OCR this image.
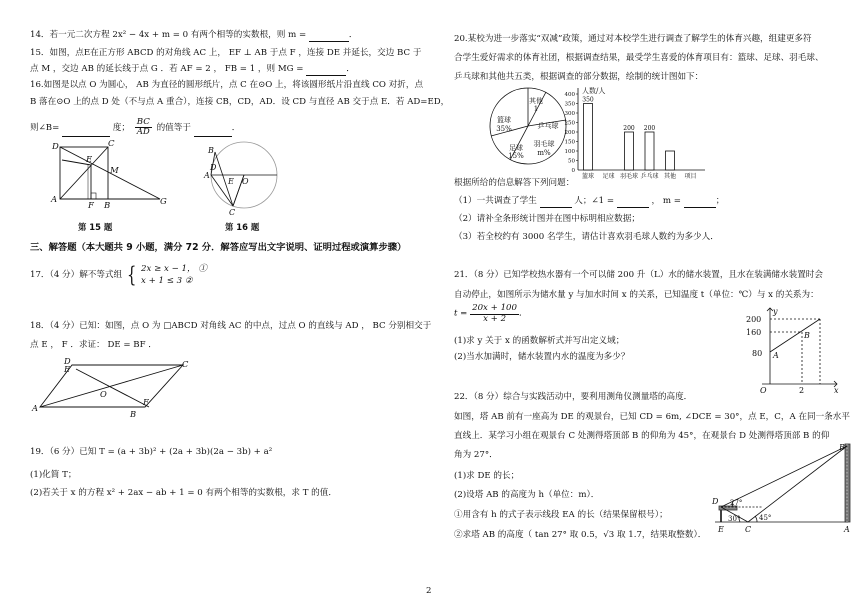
14．若一元二次方程 2x² − 4x + m = 0 有两个相等的实数根，则 m =	．
15．如图，点E在正方形 ABCD 的对角线 AC 上， EF ⊥ AB 于点 F ，连接 DE 并延长，交边 BC 于
点 M ，交边 AB 的延长线于点 G ．若 AF = 2 ， FB = 1 ，则 MG =	．
16.如图是以点 O 为圆心， AB 为直径的圆形纸片，点 C 在⊙O 上，将该圆形纸片沿直线 CO 对折，点
B 落在⊙O 上的点 D 处（不与点 A 重合），连接 CB，CD，AD．设 CD 与直径 AB 交于点 E．若 AD=ED，
则∠B=	度； $\frac{BC}{AD}$ 的值等于	．
D	C
E
M
A
F B	G
第 15 题
B
D
A
O
E
C
第 16 题
三、解答题（本大题共 9 小题，满分 72 分．解答应写出文字说明、证明过程或演算步骤）
17．（4 分）解不等式组 { 2x ≥ x − 1， ①
x + 1 ≤ 3 ②
18．（4 分）已知：如图，点 O 为 □ABCD 对角线 AC 的中点，过点 O 的直线与 AD ， BC 分别相交于
点 E ， F ．求证： DE = BF ．
D
E	C
O
A
F
B
19．（6 分）已知 T = (a + 3b)² + (2a + 3b)(2a − 3b) + a²
(1)化简 T；
(2)若关于 x 的方程 x² + 2ax − ab + 1 = 0 有两个相等的实数根，求 T 的值．
20.某校为进一步落实“双减”政策，通过对本校学生进行调查了解学生的体育兴趣，组建更多符
合学生爱好需求的体育社团，根据调查结果，最受学生喜爱的体育项目有：篮球、足球、羽毛球、
乒乓球和其他共五类，根据调查的部分数据，绘制的统计图如下：
篮球
35%
其他
1
乒乓球
足球
15%
羽毛球
m%
人数/人
0
50
100
150
200
250
300
350
400
350
200 200
篮球 足球 羽毛球 乒乓球 其他 项目
根据所给的信息解答下列问题：
（1）一共调查了学生	人；∠1 =	， m =	；
（2）请补全条形统计图并在图中标明相应数据；
（3）若全校约有 3000 名学生，请估计喜欢羽毛球人数约为多少人．
21．（8 分）已知学校热水器有一个可以储 200 升（L）水的储水装置，且水在装满储水装置时会
自动停止，如图所示为储水量 y 与加水时间 x 的关系，已知温度 t（单位：℃）与 x 的关系为：
$t = \frac{20x + 100}{x + 2}$ ．
(1)求 y 关于 x 的函数解析式并写出定义域；
(2)当水加满时，储水装置内水的温度为多少？
y
200
160
80
O	2	x
A
B
22．（8 分）综合与实践活动中，要利用测角仪测量塔的高度．
如图，塔 AB 前有一座高为 DE 的观景台，已知 CD = 6m, ∠DCE = 30°，点 E，C，A 在同一条水平
直线上．某学习小组在观景台 C 处测得塔顶部 B 的仰角为 45°，在观景台 D 处测得塔顶部 B 的仰
角为 27°．
(1)求 DE 的长；
(2)设塔 AB 的高度为 h（单位：m）．
①用含有 h 的式子表示线段 EA 的长（结果保留根号）；
②求塔 AB 的高度（ tan 27° 取 0.5，√3 取 1.7，结果取整数）．
B
D 27°
30°	45°
E	C	A
2
